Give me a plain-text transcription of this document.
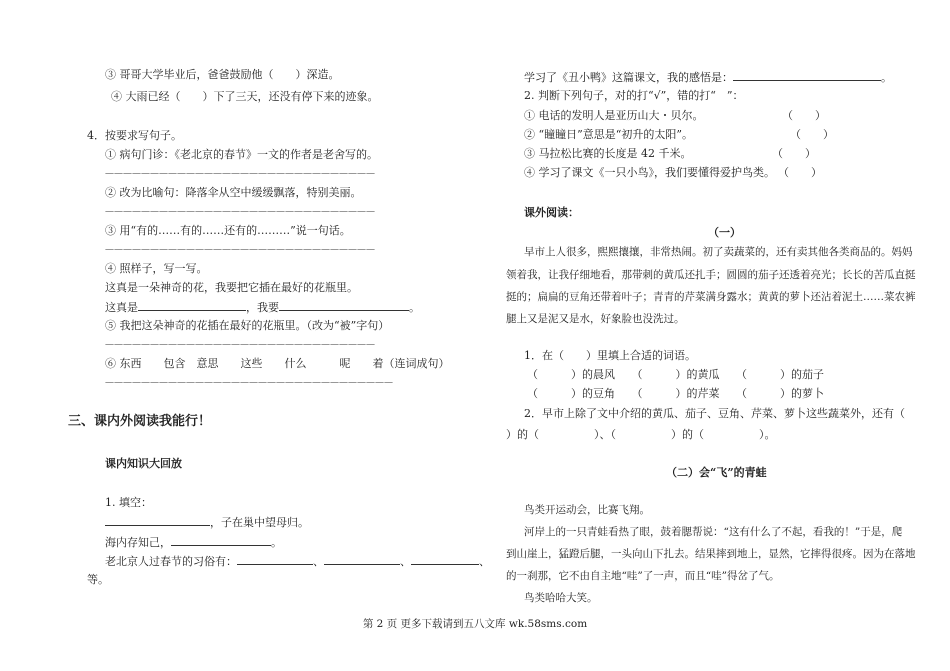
③ 哥哥大学毕业后，爸爸鼓励他（　　）深造。
④ 大雨已经（　　）下了三天，还没有停下来的迹象。
4．按要求写句子。
① 病句门诊：《老北京的春节》一文的作者是老舍写的。
——————————————————————————————
② 改为比喻句：降落伞从空中缓缓飘落，特别美丽。
——————————————————————————————
③ 用“有的……有的……还有的………”说一句话。
——————————————————————————————
④ 照样子，写一写。
这真是一朵神奇的花，我要把它插在最好的花瓶里。
这真是	，我要	。
⑤ 我把这朵神奇的花插在最好的花瓶里。（改为“被”字句）
——————————————————————————————
⑥ 东西　　包含　意思　　这些　　什么　　　呢　　着（连词成句）
————————————————————————————————
三、课内外阅读我能行！
课内知识大回放
1. 填空：
，子在巢中望母归。
海内存知己，	。
老北京人过春节的习俗有：	、	、	、
等。
学习了《丑小鸭》这篇课文，我的感悟是：	。
2. 判断下列句子，对的打“√”，错的打“　”：
① 电话的发明人是亚历山大・贝尔。	（　　）
② “瞳瞳日”意思是“初升的太阳”。	（　　）
③ 马拉松比赛的长度是 42 千米。	（　　）
④ 学习了课文《一只小鸟》，我们要懂得爱护鸟类。 （　　）
课外阅读：
（一）
早市上人很多，熙熙攘攘，非常热闹。初了卖蔬菜的，还有卖其他各类商品的。妈妈
领着我，让我仔细地看，那带刺的黄瓜还扎手；圆圆的茄子还透着亮光；长长的苦瓜直挺
挺的；扁扁的豆角还带着叶子；青青的芹菜满身露水；黄黄的萝卜还沾着泥土……菜农裤
腿上又是泥又是水，好象脸也没洗过。
1．在（　　）里填上合适的词语。
（　　　）的晨风　　（　　　）的黄瓜　　（　　　）的茄子
（　　　）的豆角　　（　　　）的芹菜　　（　　　）的萝卜
2．早市上除了文中介绍的黄瓜、茄子、豆角、芹菜、萝卜这些蔬菜外，还有（
）的（　　　　　）、（　　　　　）的（　　　　　）。
（二）会“飞”的青蛙
鸟类开运动会，比赛飞翔。
河岸上的一只青蛙看热了眼，鼓着腮帮说：“这有什么了不起，看我的！”于是，爬
到山崖上，猛蹬后腿，一头向山下扎去。结果摔到地上，显然，它摔得很疼。因为在落地
的一刹那，它不由自主地“哇”了一声，而且“哇”得岔了气。
鸟类哈哈大笑。
第 2 页 更多下载请到五八文库 wk.58sms.com
